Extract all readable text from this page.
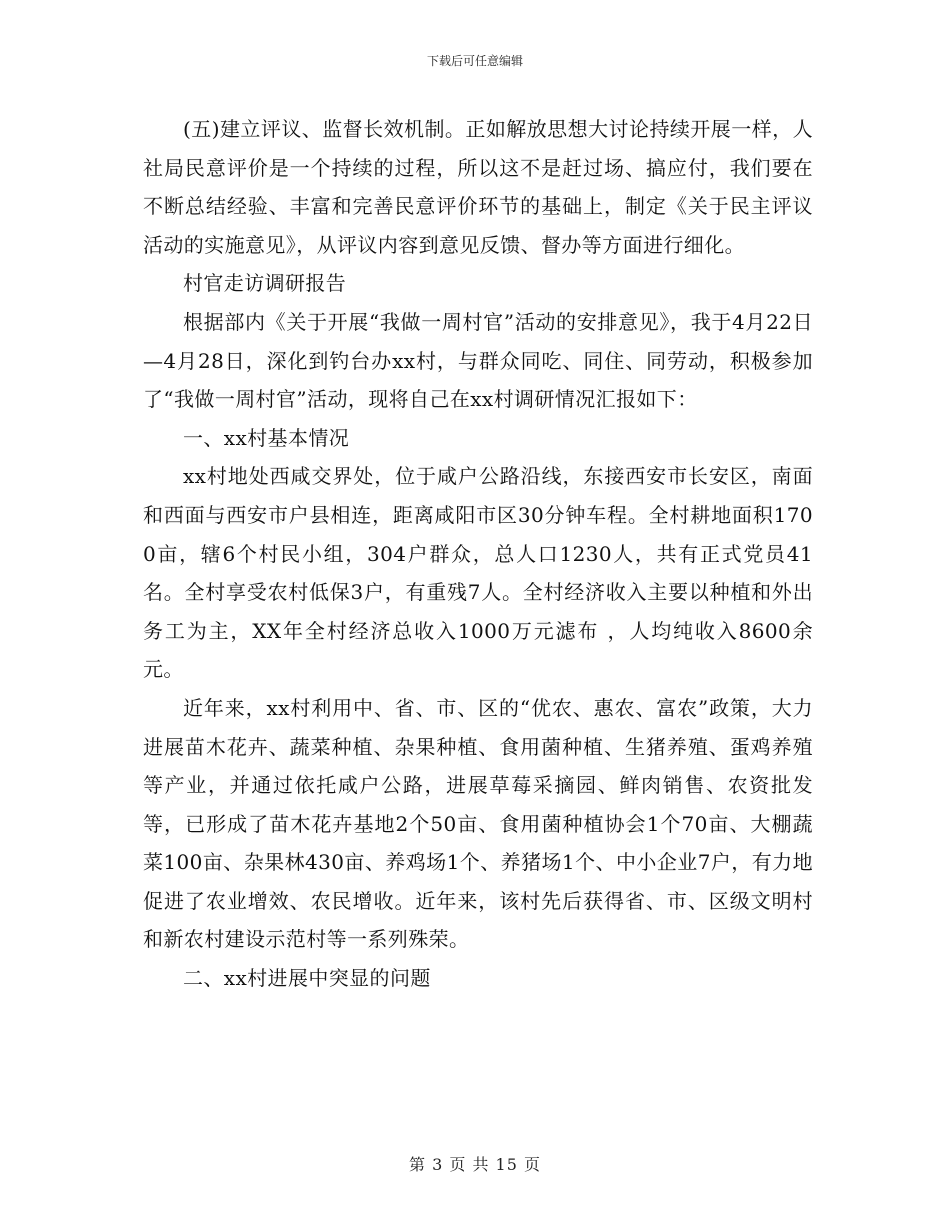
下载后可任意编辑

(五)建立评议、监督长效机制。正如解放思想大讨论持续开展一样，人社局民意评价是一个持续的过程，所以这不是赶过场、搞应付，我们要在不断总结经验、丰富和完善民意评价环节的基础上，制定《关于民主评议活动的实施意见》，从评议内容到意见反馈、督办等方面进行细化。

村官走访调研报告

根据部内《关于开展“我做一周村官”活动的安排意见》，我于4月22日—4月28日，深化到钓台办xx村，与群众同吃、同住、同劳动，积极参加了“我做一周村官”活动，现将自己在xx村调研情况汇报如下：

一、xx村基本情况

xx村地处西咸交界处，位于咸户公路沿线，东接西安市长安区，南面和西面与西安市户县相连，距离咸阳市区30分钟车程。全村耕地面积1700亩，辖6个村民小组，304户群众，总人口1230人，共有正式党员41名。全村享受农村低保3户，有重残7人。全村经济收入主要以种植和外出务工为主，XX年全村经济总收入1000万元滤布 ，人均纯收入8600余元。

近年来，xx村利用中、省、市、区的“优农、惠农、富农”政策，大力进展苗木花卉、蔬菜种植、杂果种植、食用菌种植、生猪养殖、蛋鸡养殖等产业，并通过依托咸户公路，进展草莓采摘园、鲜肉销售、农资批发等，已形成了苗木花卉基地2个50亩、食用菌种植协会1个70亩、大棚蔬菜100亩、杂果林430亩、养鸡场1个、养猪场1个、中小企业7户，有力地促进了农业增效、农民增收。近年来，该村先后获得省、市、区级文明村和新农村建设示范村等一系列殊荣。

二、xx村进展中突显的问题

第 3 页 共 15 页
